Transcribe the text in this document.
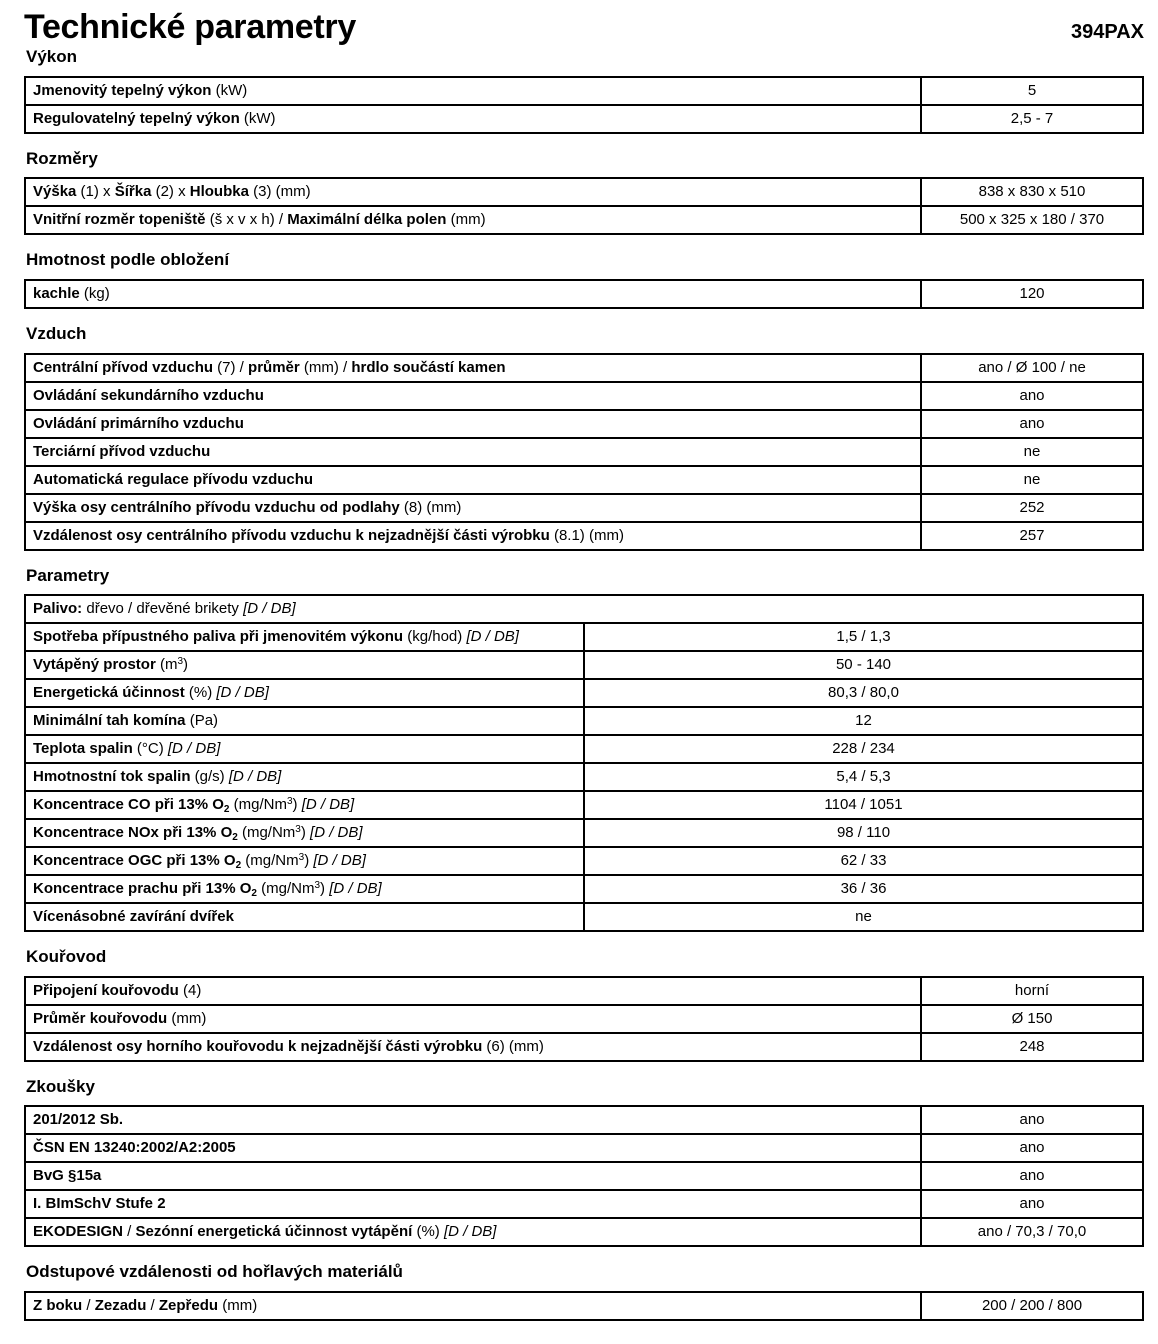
Technické parametry	394PAX
Výkon
Jmenovitý tepelný výkon (kW)	5
Regulovatelný tepelný výkon (kW)	2,5 - 7
Rozměry
Výška (1) x Šířka (2) x Hloubka (3) (mm)	838 x 830 x 510
Vnitřní rozměr topeniště (š x v x h) / Maximální délka polen (mm)	500 x 325 x 180 / 370
Hmotnost podle obložení
kachle (kg)	120
Vzduch
Centrální přívod vzduchu (7) / průměr (mm) / hrdlo součástí kamen	ano / Ø 100 / ne
Ovládání sekundárního vzduchu	ano
Ovládání primárního vzduchu	ano
Terciární přívod vzduchu	ne
Automatická regulace přívodu vzduchu	ne
Výška osy centrálního přívodu vzduchu od podlahy (8) (mm)	252
Vzdálenost osy centrálního přívodu vzduchu k nejzadnější části výrobku (8.1) (mm)	257
Parametry
Palivo: dřevo / dřevěné brikety [D / DB]	
Spotřeba přípustného paliva při jmenovitém výkonu (kg/hod) [D / DB]	1,5 / 1,3
Vytápěný prostor $(m^3)$	50 - 140
Energetická účinnost (%) [D / DB]	80,3 / 80,0
Minimální tah komína (Pa)	12
Teplota spalin (°C) [D / DB]	228 / 234
Hmotnostní tok spalin (g/s) [D / DB]	5,4 / 5,3
Koncentrace CO při 13% $O_2$ (mg/Nm$^3$) [D / DB]	1104 / 1051
Koncentrace NOx při 13% $O_2$ (mg/Nm$^3$) [D / DB]	98 / 110
Koncentrace OGC při 13% $O_2$ (mg/Nm$^3$) [D / DB]	62 / 33
Koncentrace prachu při 13% $O_2$ (mg/Nm$^3$) [D / DB]	36 / 36
Vícenásobné zavírání dvířek	ne
Kouřovod
Připojení kouřovodu (4)	horní
Průměr kouřovodu (mm)	Ø 150
Vzdálenost osy horního kouřovodu k nejzadnější části výrobku (6) (mm)	248
Zkoušky
201/2012 Sb.	ano
ČSN EN 13240:2002/A2:2005	ano
BvG §15a	ano
I. BImSchV Stufe 2	ano
EKODESIGN / Sezónní energetická účinnost vytápění (%) [D / DB]	ano / 70,3 / 70,0
Odstupové vzdálenosti od hořlavých materiálů
Z boku / Zezadu / Zepředu (mm)	200 / 200 / 800
